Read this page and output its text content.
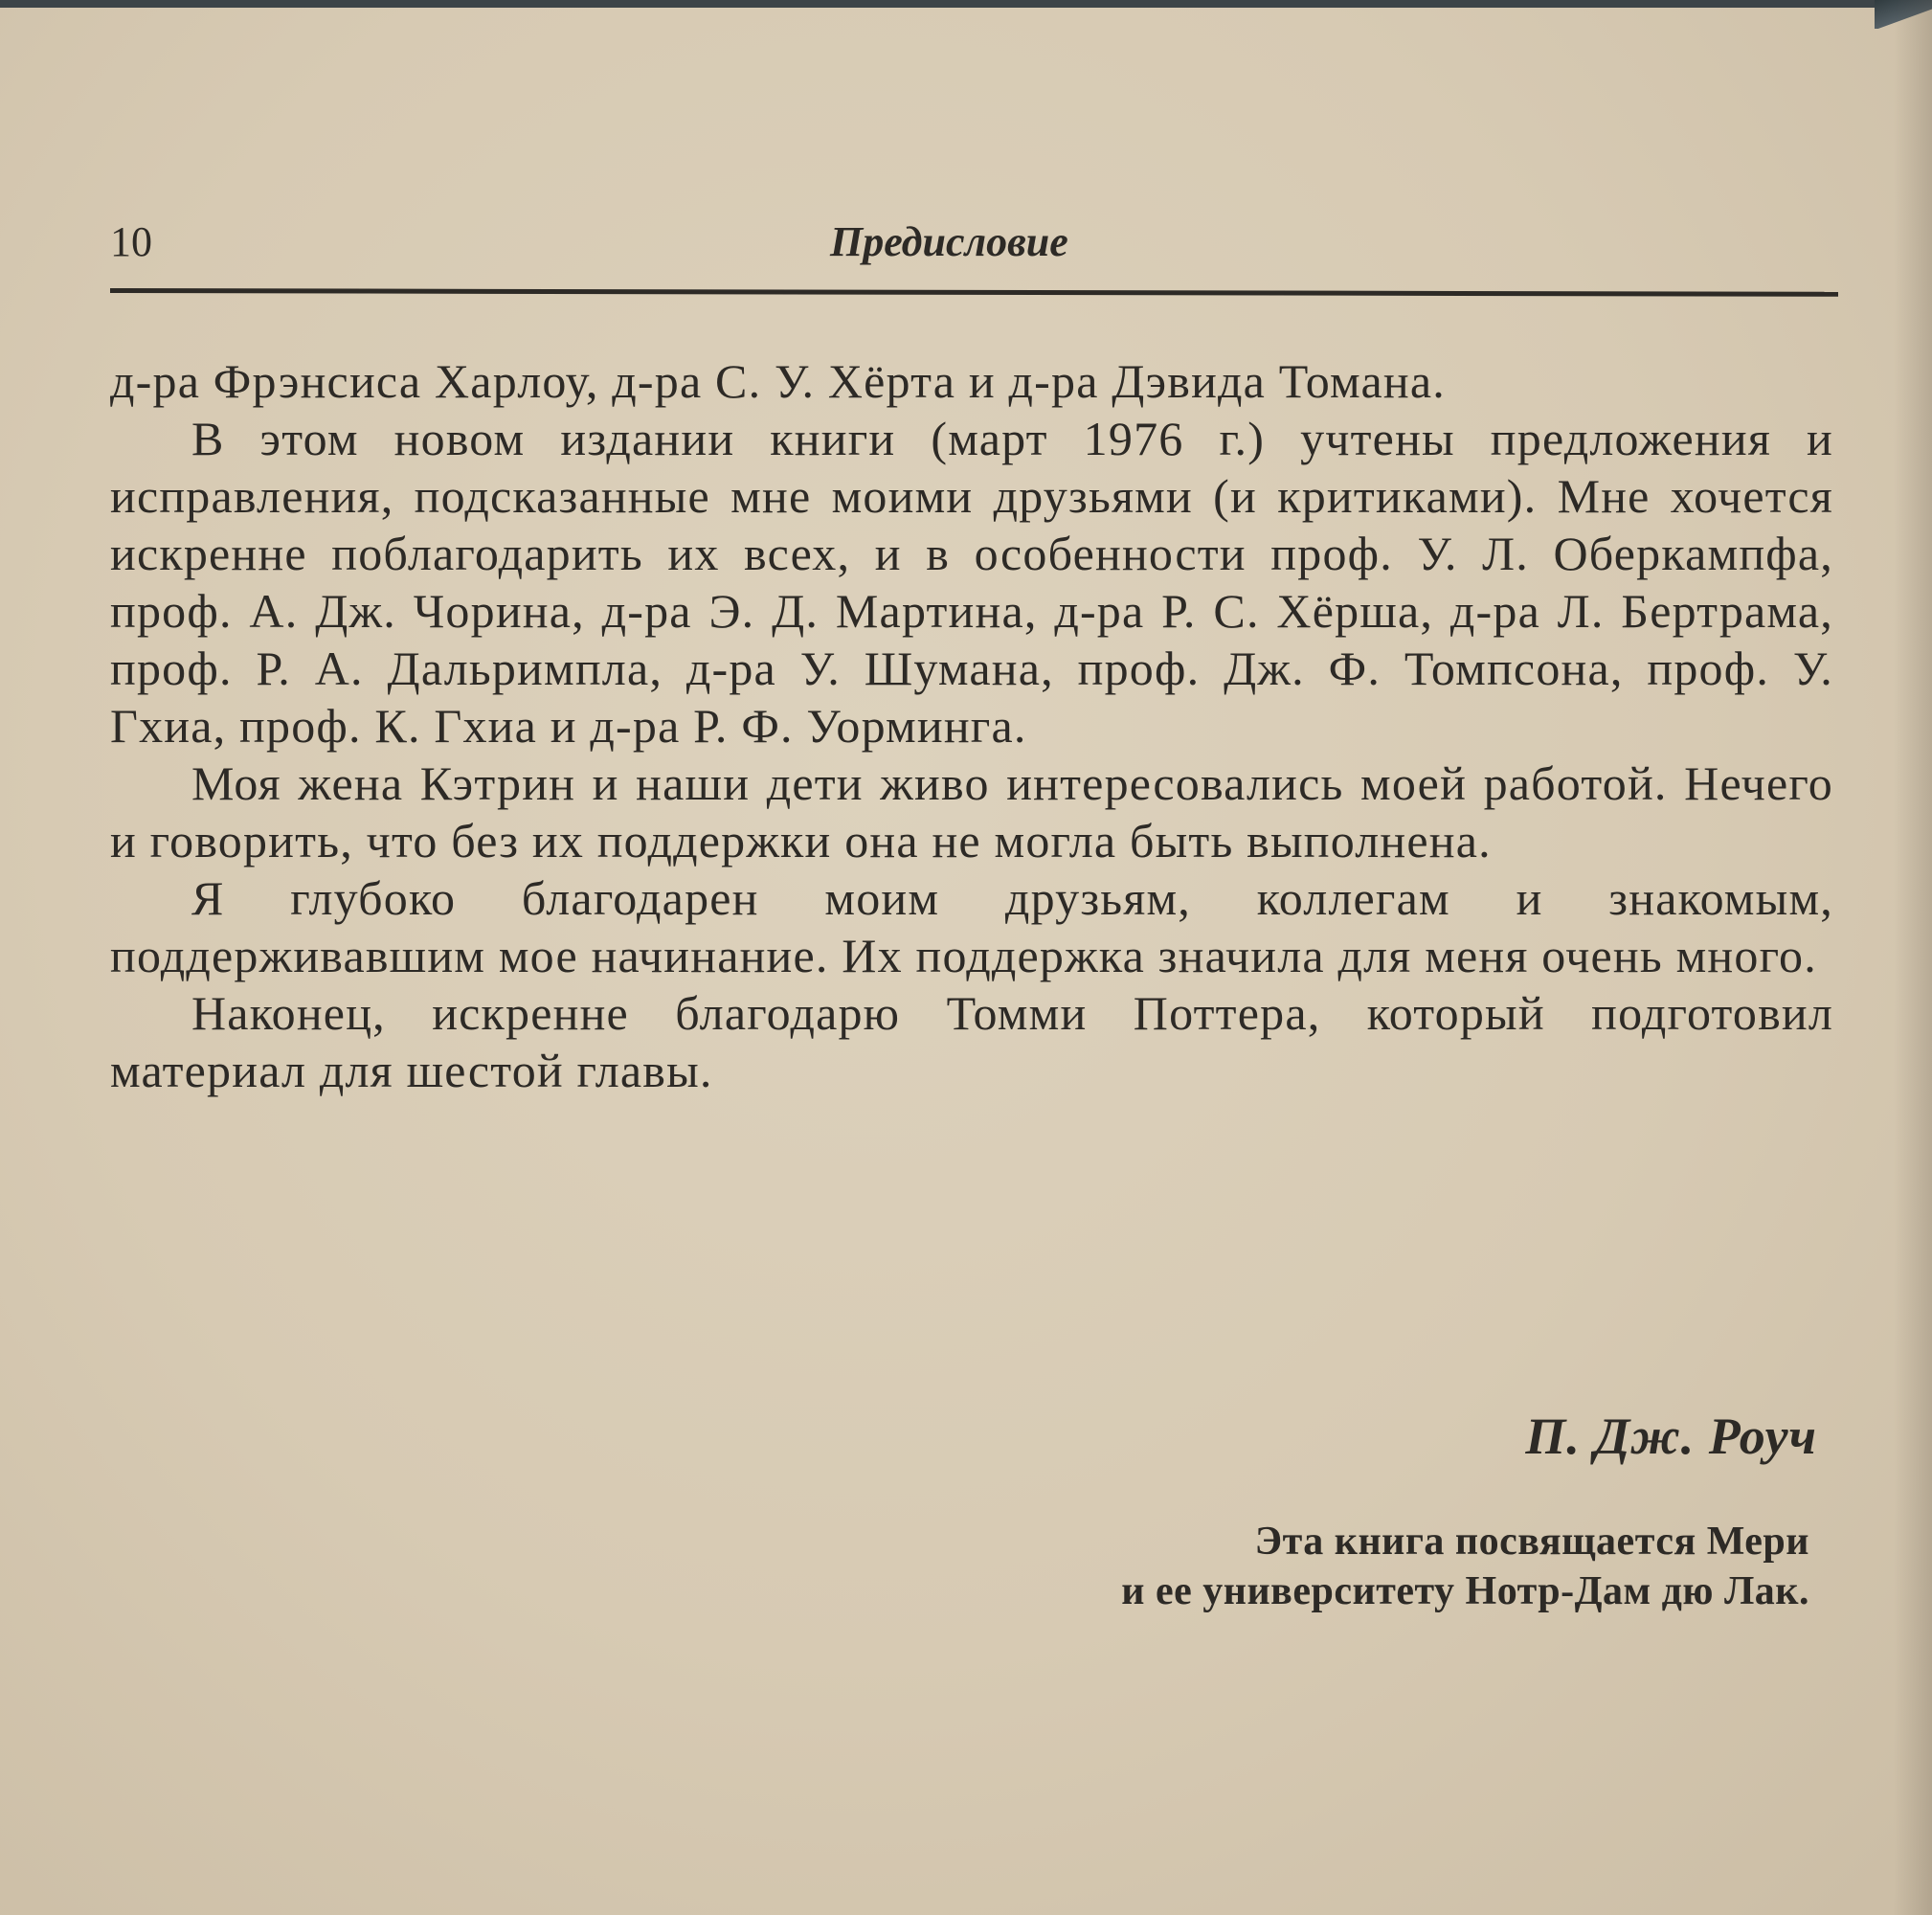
10	Предисловие

д-ра Фрэнсиса Харлоу, д-ра С. У. Хёрта и д-ра Дэвида Томана.

В этом новом издании книги (март 1976 г.) учтены предложения и исправления, подсказанные мне моими друзьями (и критиками). Мне хочется искренне поблагодарить их всех, и в особенности проф. У. Л. Оберкампфа, проф. А. Дж. Чорина, д-ра Э. Д. Мартина, д-ра Р. С. Хёрша, д-ра Л. Бертрама, проф. Р. А. Дальримпла, д-ра У. Шумана, проф. Дж. Ф. Томпсона, проф. У. Гхиа, проф. К. Гхиа и д-ра Р. Ф. Уорминга.

Моя жена Кэтрин и наши дети живо интересовались моей работой. Нечего и говорить, что без их поддержки она не могла быть выполнена.

Я глубоко благодарен моим друзьям, коллегам и знакомым, поддерживавшим мое начинание. Их поддержка значила для меня очень много.

Наконец, искренне благодарю Томми Поттера, который подготовил материал для шестой главы.

П. Дж. Роуч
Эта книга посвящается Мери
и ее университету Нотр-Дам дю Лак.
